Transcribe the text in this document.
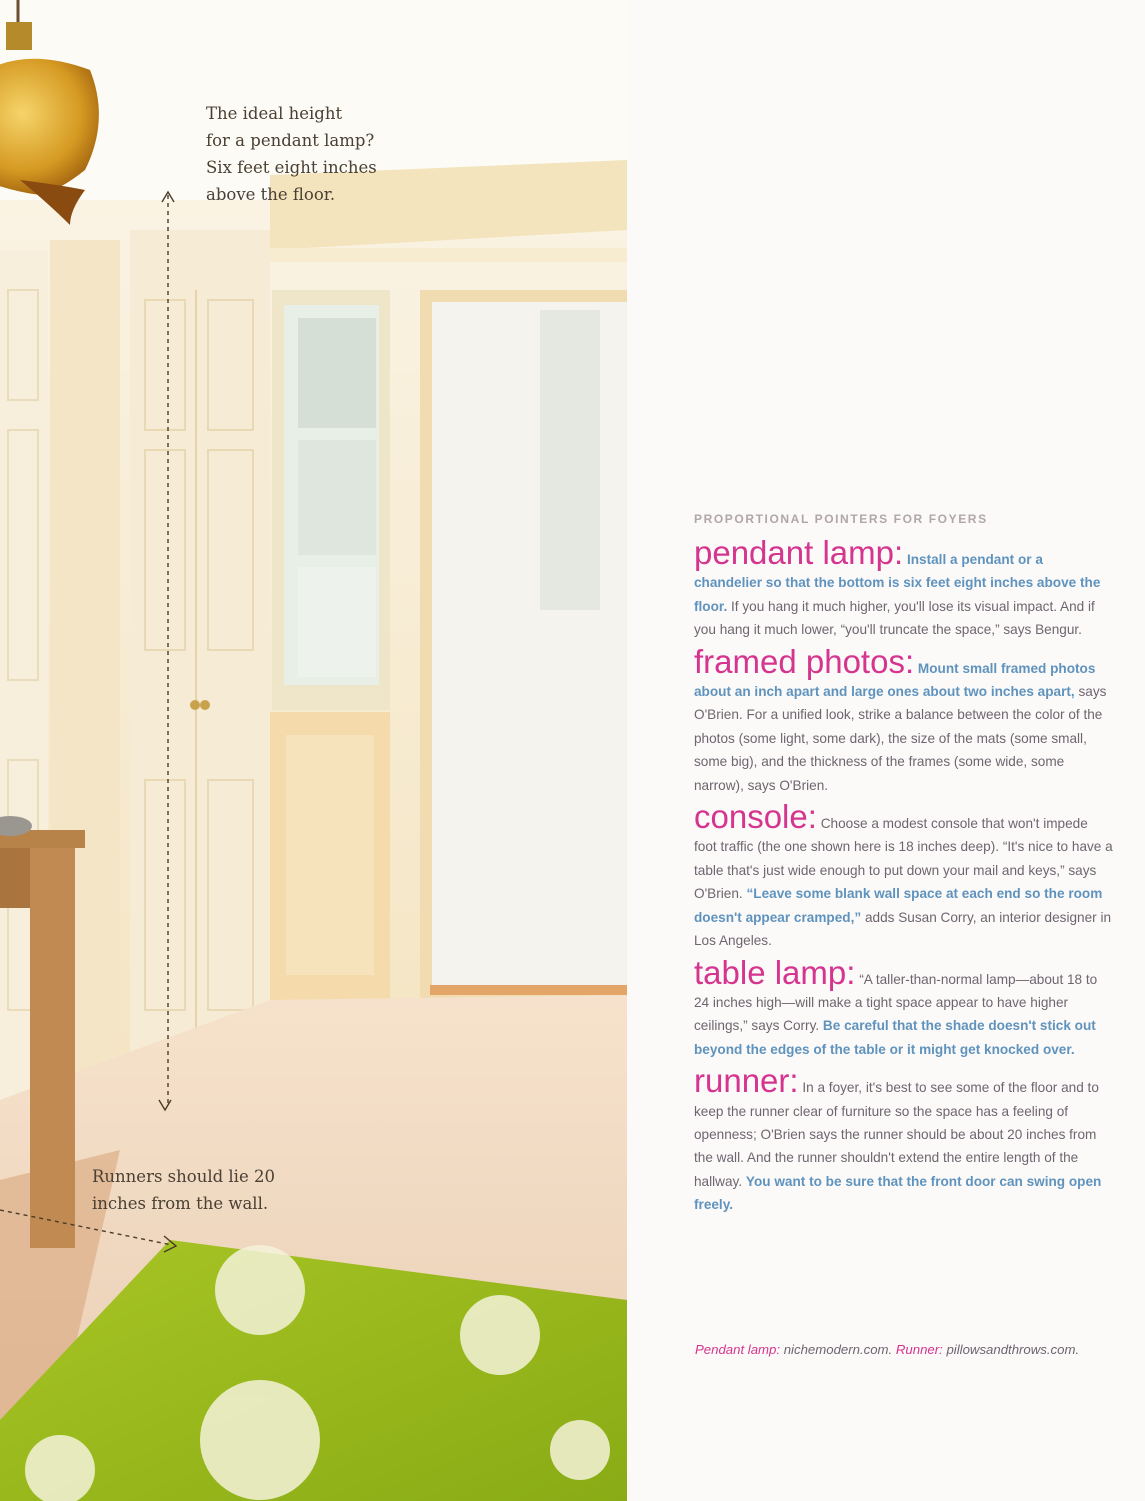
The ideal height
for a pendant lamp?
Six feet eight inches
above the floor.
Runners should lie 20
inches from the wall.
PROPORTIONAL POINTERS FOR FOYERS

pendant lamp: Install a pendant or a chandelier so that the bottom is six feet eight inches above the floor. If you hang it much higher, you'll lose its visual impact. And if you hang it much lower, “you'll truncate the space,” says Bengur.

framed photos: Mount small framed photos about an inch apart and large ones about two inches apart, says O'Brien. For a unified look, strike a balance between the color of the photos (some light, some dark), the size of the mats (some small, some big), and the thickness of the frames (some wide, some narrow), says O'Brien.

console: Choose a modest console that won't impede foot traffic (the one shown here is 18 inches deep). “It's nice to have a table that's just wide enough to put down your mail and keys,” says O'Brien. “Leave some blank wall space at each end so the room doesn't appear cramped,” adds Susan Corry, an interior designer in Los Angeles.

table lamp: “A taller-than-normal lamp—about 18 to 24 inches high—will make a tight space appear to have higher ceilings,” says Corry. Be careful that the shade doesn't stick out beyond the edges of the table or it might get knocked over.

runner: In a foyer, it's best to see some of the floor and to keep the runner clear of furniture so the space has a feeling of openness; O'Brien says the runner should be about 20 inches from the wall. And the runner shouldn't extend the entire length of the hallway. You want to be sure that the front door can swing open freely.

Pendant lamp: nichemodern.com. Runner: pillowsandthrows.com.
